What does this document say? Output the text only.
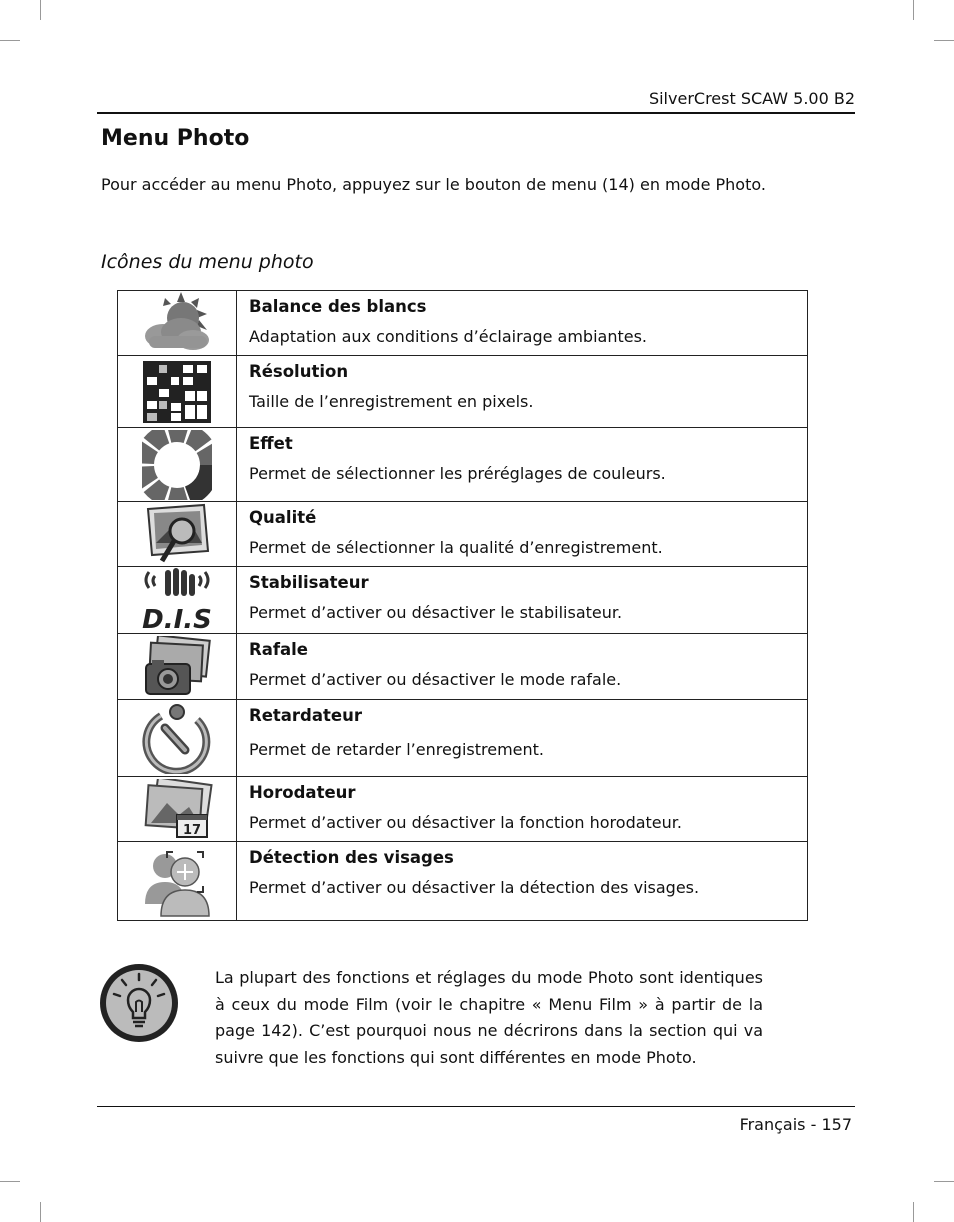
SilverCrest SCAW 5.00 B2
Menu Photo
Pour accéder au menu Photo, appuyez sur le bouton de menu (14) en mode Photo.
Icônes du menu photo

Balance des blancs
Adaptation aux conditions d’éclairage ambiantes.

Résolution
Taille de l’enregistrement en pixels.

Effet
Permet de sélectionner les préréglages de couleurs.

Qualité
Permet de sélectionner la qualité d’enregistrement.

D.I.S	Stabilisateur
Permet d’activer ou désactiver le stabilisateur.

Rafale
Permet d’activer ou désactiver le mode rafale.

Retardateur
Permet de retarder l’enregistrement.

17	Horodateur
Permet d’activer ou désactiver la fonction horodateur.

Détection des visages
Permet d’activer ou désactiver la détection des visages.
La plupart des fonctions et réglages du mode Photo sont identiques à ceux du mode Film (voir le chapitre « Menu Film » à partir de la page 142). C’est pourquoi nous ne décrirons dans la section qui va suivre que les fonctions qui sont différentes en mode Photo.
Français - 157
